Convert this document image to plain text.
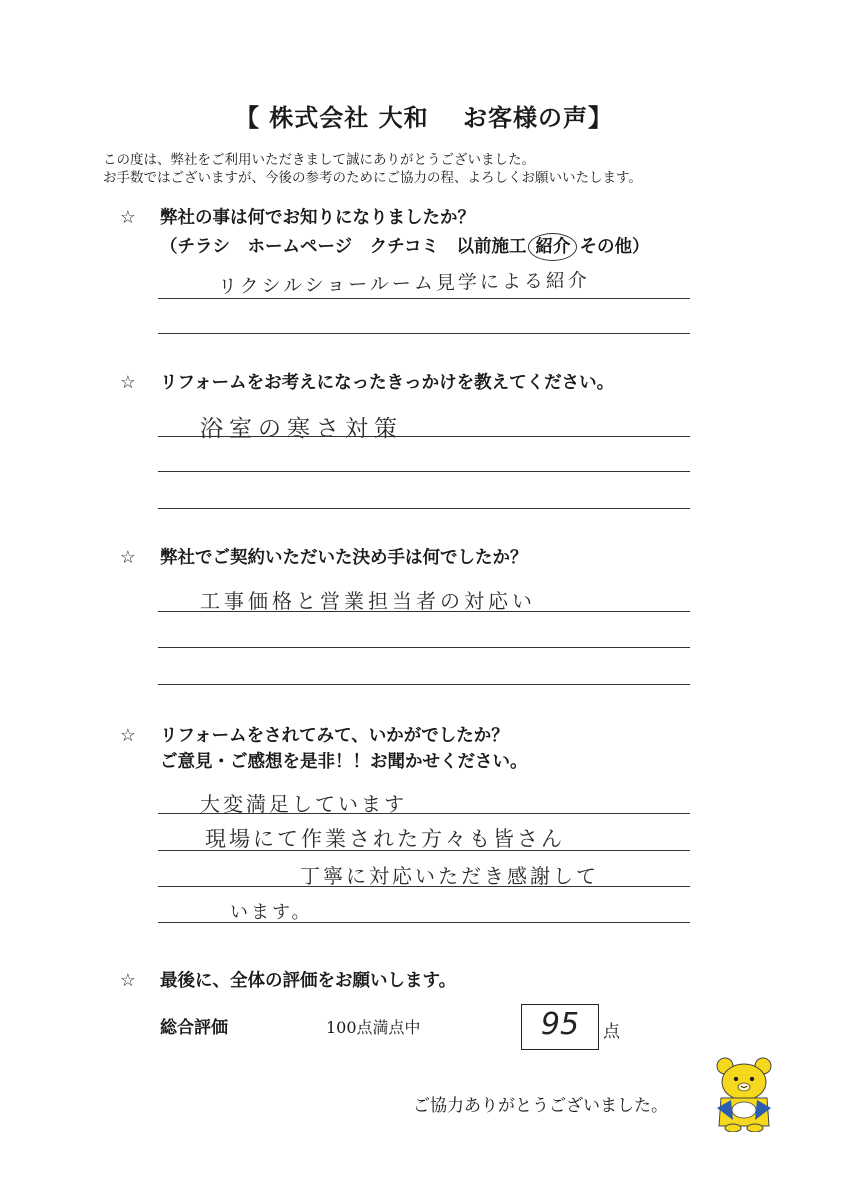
【 株式会社 大和　 お客様の声】
この度は、弊社をご利用いただきまして誠にありがとうございました。
お手数ではございますが、今後の参考のためにご協力の程、よろしくお願いいたします。
☆ 弊社の事は何でお知りになりましたか？
（チラシ　ホームページ　クチコミ　以前施工 紹介 その他）
リクシルショールーム見学による紹介
☆ リフォームをお考えになったきっかけを教えてください。
浴室の寒さ対策
☆ 弊社でご契約いただいた決め手は何でしたか？
工事価格と営業担当者の対応い
☆ リフォームをされてみて、いかがでしたか？
ご意見・ご感想を是非！！お聞かせください。
大変満足しています
現場にて作業された方々も皆さん
丁寧に対応いただき感謝して
います。
☆ 最後に、全体の評価をお願いします。
総合評価	100点満点中	95	点
ご協力ありがとうございました。
